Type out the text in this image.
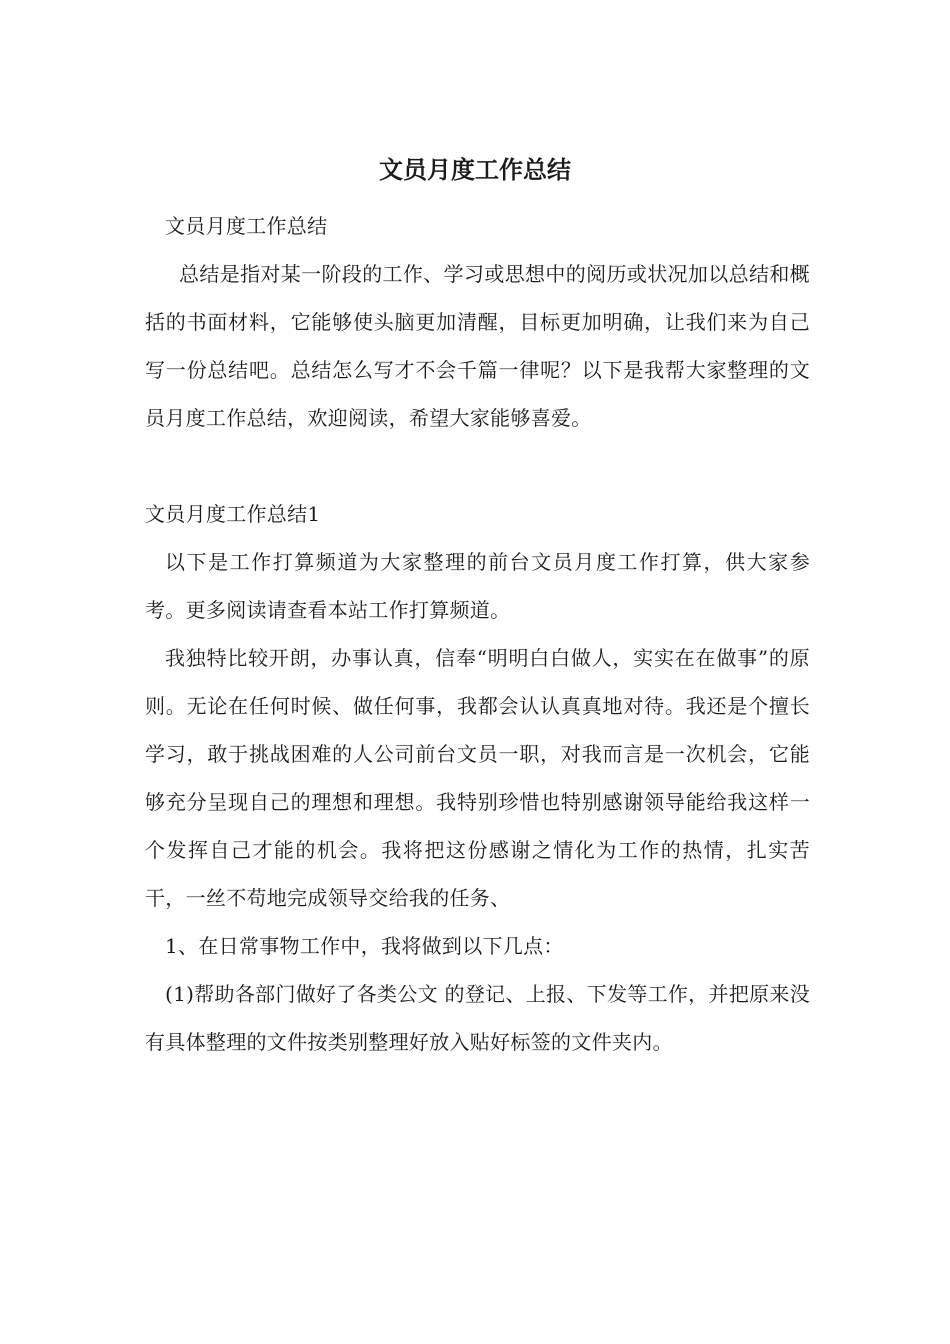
文员月度工作总结

文员月度工作总结

总结是指对某一阶段的工作、学习或思想中的阅历或状况加以总结和概括的书面材料，它能够使头脑更加清醒，目标更加明确，让我们来为自己写一份总结吧。总结怎么写才不会千篇一律呢？以下是我帮大家整理的文员月度工作总结，欢迎阅读，希望大家能够喜爱。

文员月度工作总结1

以下是工作打算频道为大家整理的前台文员月度工作打算，供大家参考。更多阅读请查看本站工作打算频道。

我独特比较开朗，办事认真，信奉“明明白白做人，实实在在做事”的原则。无论在任何时候、做任何事，我都会认认真真地对待。我还是个擅长学习，敢于挑战困难的人公司前台文员一职，对我而言是一次机会，它能够充分呈现自己的理想和理想。我特别珍惜也特别感谢领导能给我这样一个发挥自己才能的机会。我将把这份感谢之情化为工作的热情，扎实苦干，一丝不苟地完成领导交给我的任务、

1、在日常事物工作中，我将做到以下几点：

(1)帮助各部门做好了各类公文 的登记、上报、下发等工作，并把原来没有具体整理的文件按类别整理好放入贴好标签的文件夹内。
